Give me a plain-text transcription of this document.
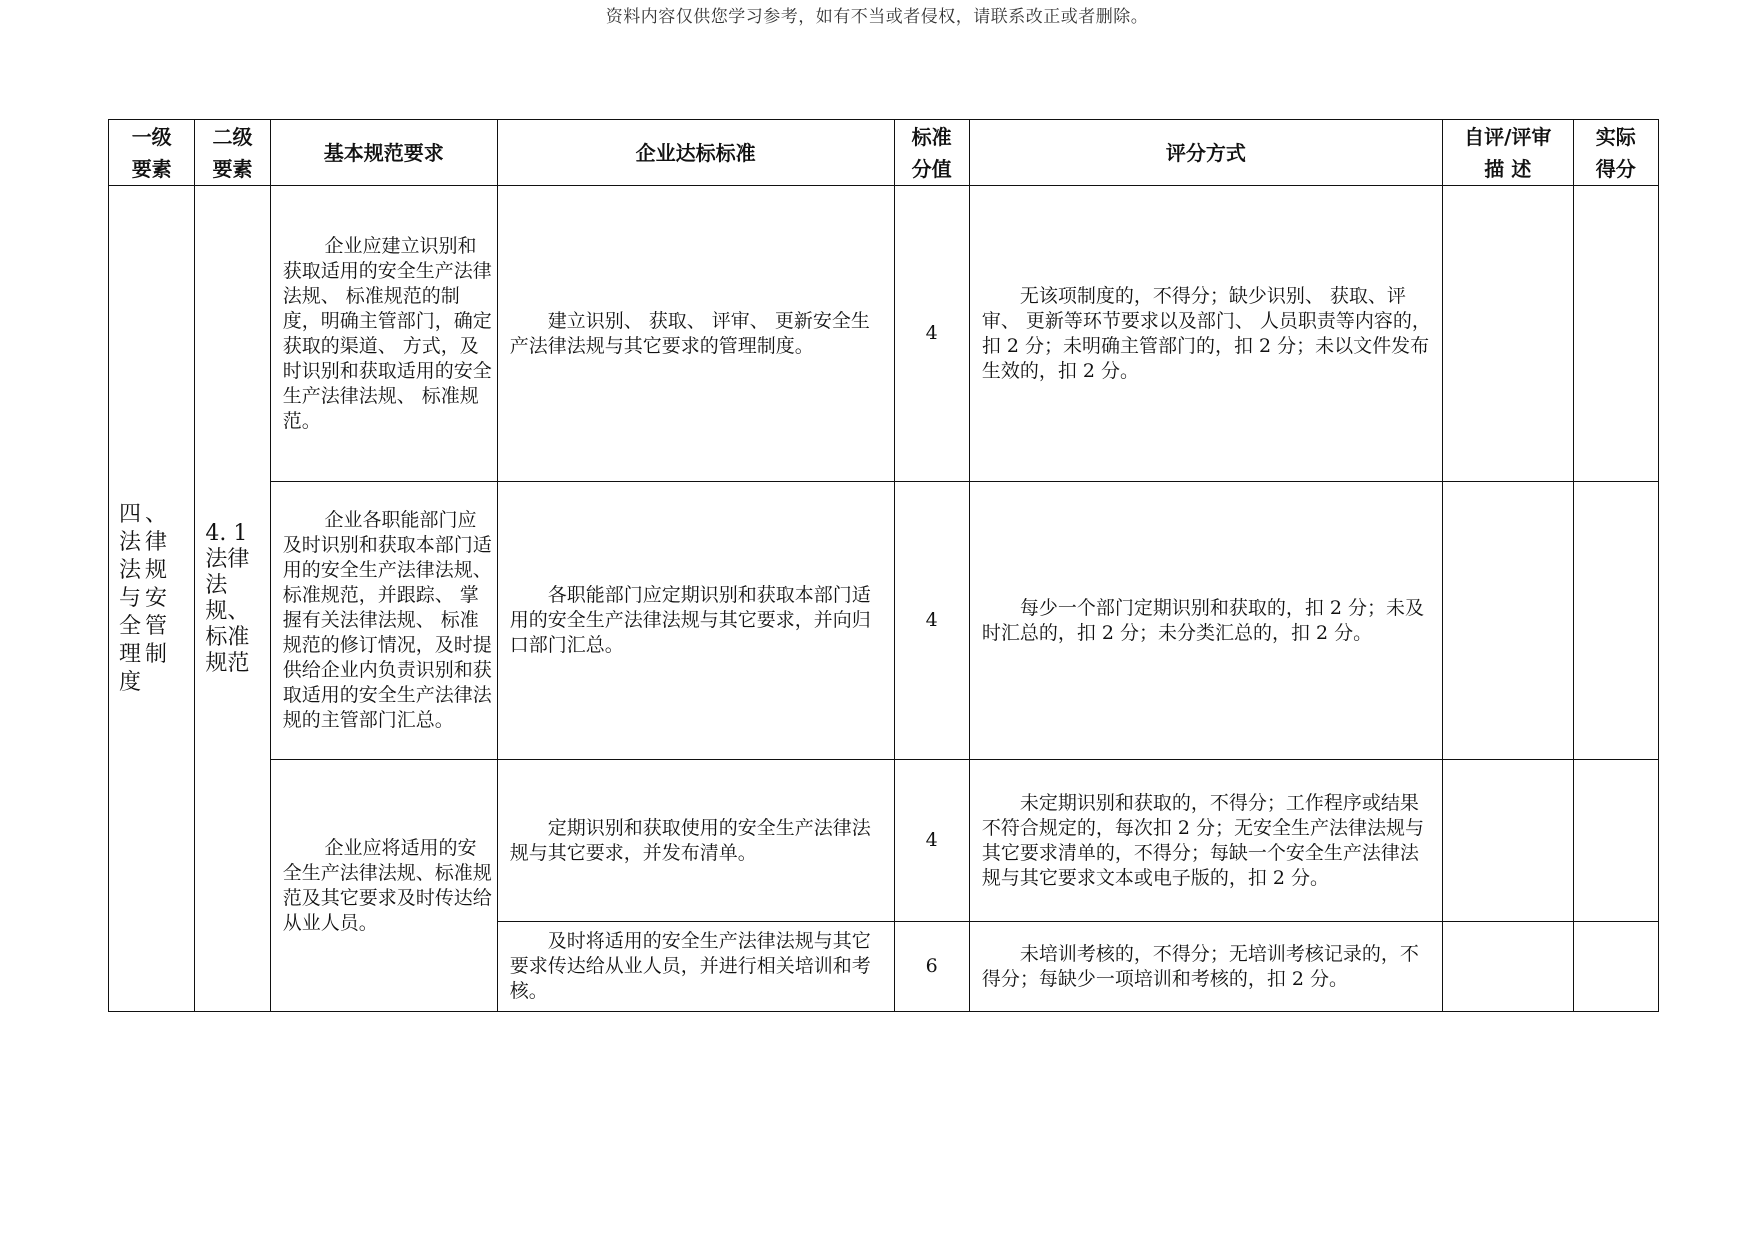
资料内容仅供您学习参考，如有不当或者侵权，请联系改正或者删除。
一级要素	二级要素	基本规范要求	企业达标标准	标准分值	评分方式	自评/评审 描 述	实际得分

四、法律法规与安全管理制度	4. 1 法律法规、标准规范	企业应建立识别和获取适用的安全生产法律法规、 标准规范的制度，明确主管部门，确定获取的渠道、 方式，及时识别和获取适用的安全生产法律法规、 标准规范。	建立识别、 获取、 评审、 更新安全生产法律法规与其它要求的管理制度。	4	无该项制度的，不得分；缺少识别、 获取、评审、 更新等环节要求以及部门、 人员职责等内容的，扣 2 分；未明确主管部门的，扣 2 分；未以文件发布生效的，扣 2 分。		
		企业各职能部门应及时识别和获取本部门适用的安全生产法律法规、 标准规范，并跟踪、 掌握有关法律法规、 标准规范的修订情况，及时提供给企业内负责识别和获取适用的安全生产法律法规的主管部门汇总。	各职能部门应定期识别和获取本部门适用的安全生产法律法规与其它要求，并向归口部门汇总。	4	每少一个部门定期识别和获取的，扣 2 分；未及时汇总的，扣 2 分；未分类汇总的，扣 2 分。		
		企业应将适用的安全生产法律法规、标准规范及其它要求及时传达给从业人员。	定期识别和获取使用的安全生产法律法规与其它要求，并发布清单。	4	未定期识别和获取的，不得分；工作程序或结果不符合规定的，每次扣 2 分；无安全生产法律法规与其它要求清单的，不得分；每缺一个安全生产法律法规与其它要求文本或电子版的，扣 2 分。		
			及时将适用的安全生产法律法规与其它要求传达给从业人员，并进行相关培训和考核。	6	未培训考核的，不得分；无培训考核记录的，不得分；每缺少一项培训和考核的，扣 2 分。		
